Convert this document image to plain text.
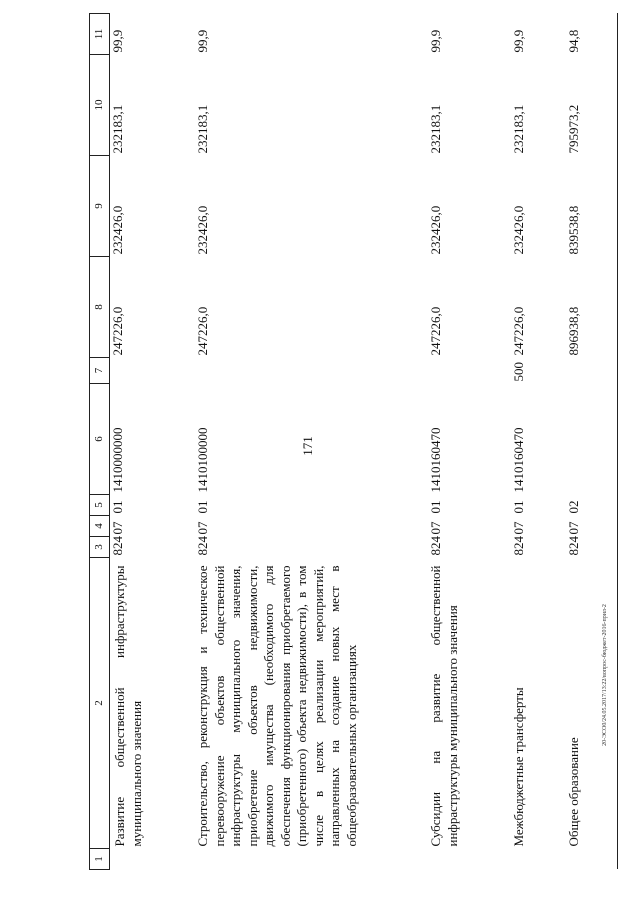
171
20-ЭСО0/24.05.2017/13:22/вопрос-бюджет-2016-прил-2
1	2	3	4	5	6	7	8	9	10	11
	Развитие общественной инфраструктуры муниципального значения	824	07	01	1410000000		247226,0	232426,0	232183,1	99,9
	Строительство, реконструкция и техническое перевооружение объектов общественной инфраструктуры муниципального значения, приобретение объектов недвижимости, движимого имущества (необходимого для обеспечения функционирования приобретаемого (приобретенного) объекта недвижимости), в том числе в целях реализации мероприятий, направленных на создание новых мест в общеобразовательных организациях	824	07	01	1410100000		247226,0	232426,0	232183,1	99,9
	Субсидии на развитие общественной инфраструктуры муниципального значения	824	07	01	1410160470		247226,0	232426,0	232183,1	99,9
	Межбюджетные трансферты	824	07	01	1410160470	500	247226,0	232426,0	232183,1	99,9
	Общее образование	824	07	02			896938,8	839538,8	795973,2	94,8
